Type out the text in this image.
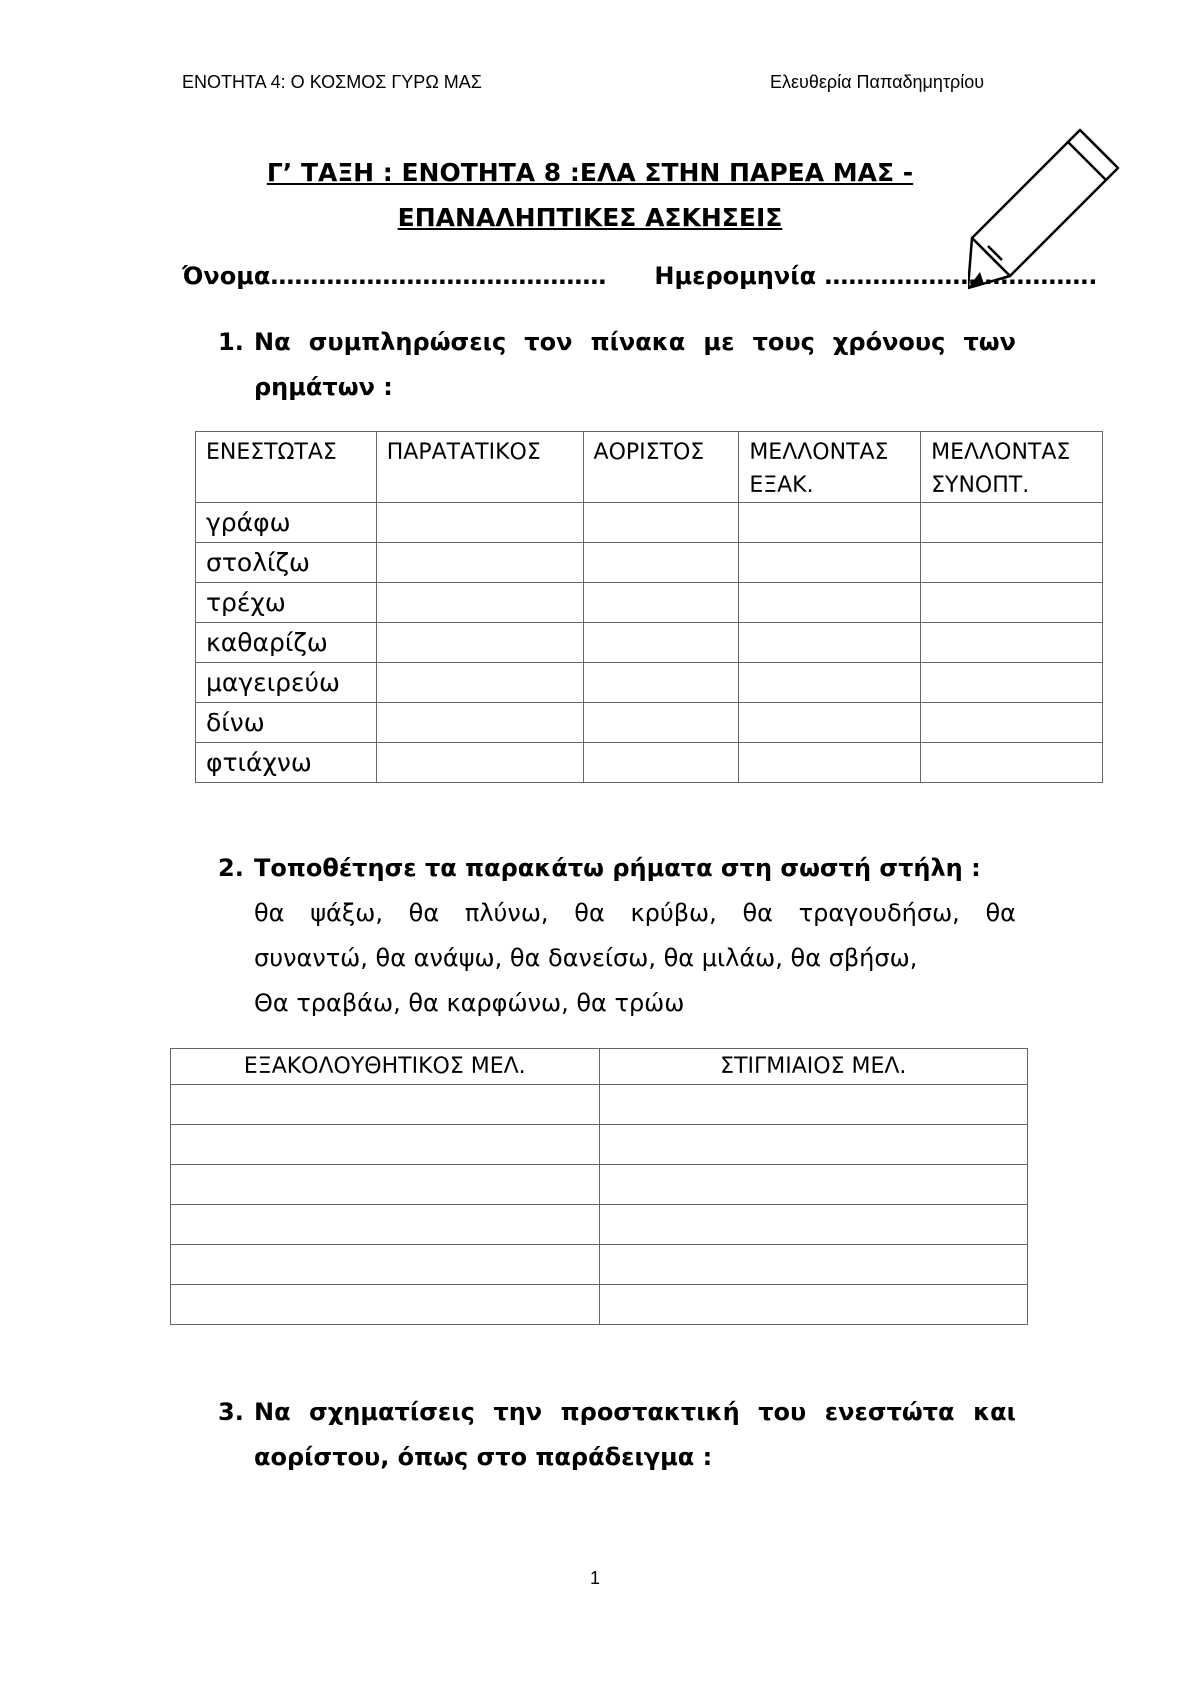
ΕΝΟΤΗΤΑ 4: Ο ΚΟΣΜΟΣ ΓΥΡΩ ΜΑΣ	Ελευθερία Παπαδημητρίου
Γ’ ΤΑΞΗ : ΕΝΟΤΗΤΑ 8 :ΕΛΑ ΣΤΗΝ ΠΑΡΕΑ ΜΑΣ -
ΕΠΑΝΑΛΗΠΤΙΚΕΣ ΑΣΚΗΣΕΙΣ
Όνομα…………………………………… Ημερομηνία …………………………….
1. Να συμπληρώσεις τον πίνακα με τους χρόνους των ρημάτων :
ΕΝΕΣΤΩΤΑΣ	ΠΑΡΑΤΑΤΙΚΟΣ	ΑΟΡΙΣΤΟΣ	ΜΕΛΛΟΝΤΑΣ ΕΞΑΚ.	ΜΕΛΛΟΝΤΑΣ ΣΥΝΟΠΤ.
γράφω				
στολίζω				
τρέχω				
καθαρίζω				
μαγειρεύω				
δίνω				
φτιάχνω				
2. Τοποθέτησε τα παρακάτω ρήματα στη σωστή στήλη :
θα ψάξω, θα πλύνω, θα κρύβω, θα τραγουδήσω, θα
συναντώ, θα ανάψω, θα δανείσω, θα μιλάω, θα σβήσω,
Θα τραβάω, θα καρφώνω, θα τρώω
ΕΞΑΚΟΛΟΥΘΗΤΙΚΟΣ ΜΕΛ.	ΣΤΙΓΜΙΑΙΟΣ ΜΕΛ.

3. Να σχηματίσεις την προστακτική του ενεστώτα και αορίστου, όπως στο παράδειγμα :
1
